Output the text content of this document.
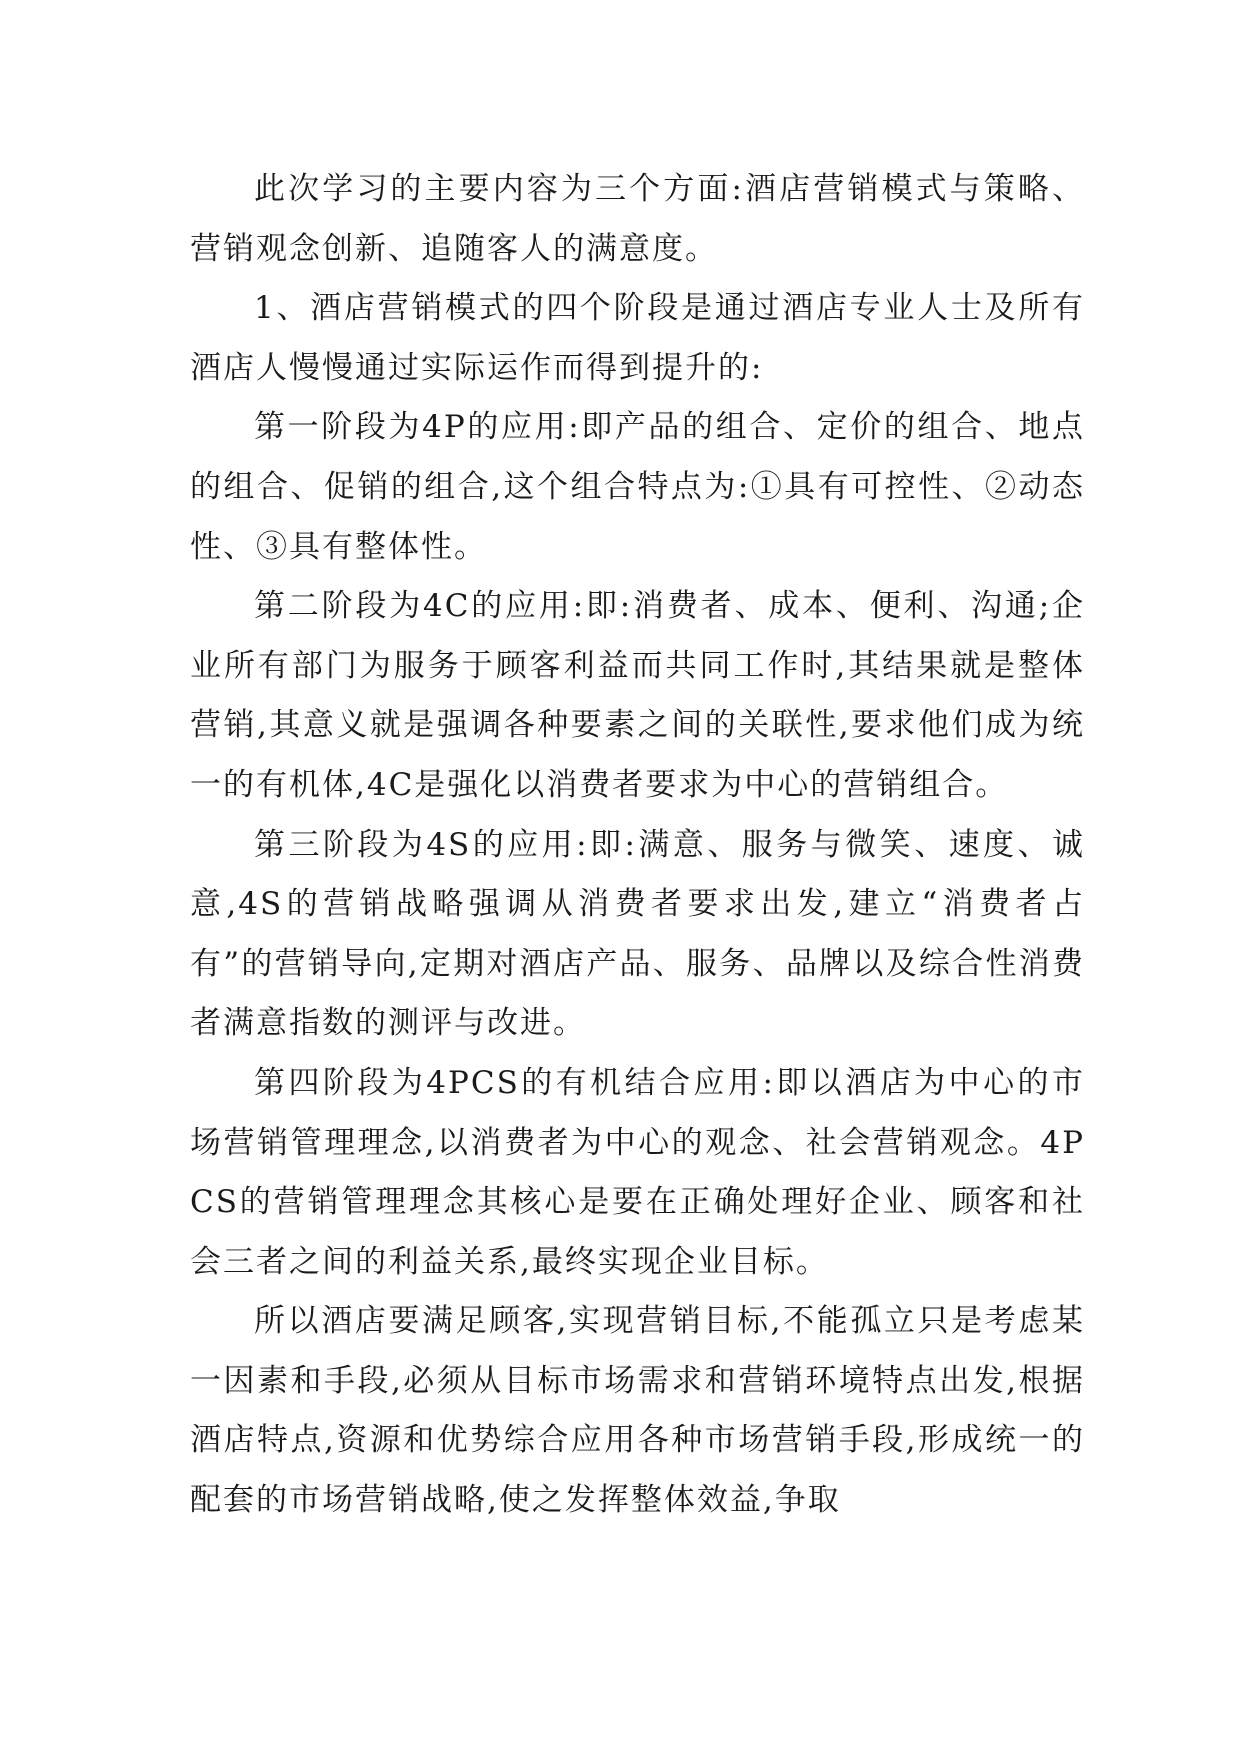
此次学习的主要内容为三个方面:酒店营销模式与策略、营销观念创新、追随客人的满意度。

1、酒店营销模式的四个阶段是通过酒店专业人士及所有酒店人慢慢通过实际运作而得到提升的:

第一阶段为4P的应用:即产品的组合、定价的组合、地点的组合、促销的组合,这个组合特点为:①具有可控性、②动态性、③具有整体性。

第二阶段为4C的应用:即:消费者、成本、便利、沟通;企业所有部门为服务于顾客利益而共同工作时,其结果就是整体营销,其意义就是强调各种要素之间的关联性,要求他们成为统一的有机体,4C是强化以消费者要求为中心的营销组合。

第三阶段为4S的应用:即:满意、服务与微笑、速度、诚意,4S的营销战略强调从消费者要求出发,建立“消费者占有”的营销导向,定期对酒店产品、服务、品牌以及综合性消费者满意指数的测评与改进。

第四阶段为4PCS的有机结合应用:即以酒店为中心的市场营销管理理念,以消费者为中心的观念、社会营销观念。4PCS的营销管理理念其核心是要在正确处理好企业、顾客和社会三者之间的利益关系,最终实现企业目标。

所以酒店要满足顾客,实现营销目标,不能孤立只是考虑某一因素和手段,必须从目标市场需求和营销环境特点出发,根据酒店特点,资源和优势综合应用各种市场营销手段,形成统一的配套的市场营销战略,使之发挥整体效益,争取
